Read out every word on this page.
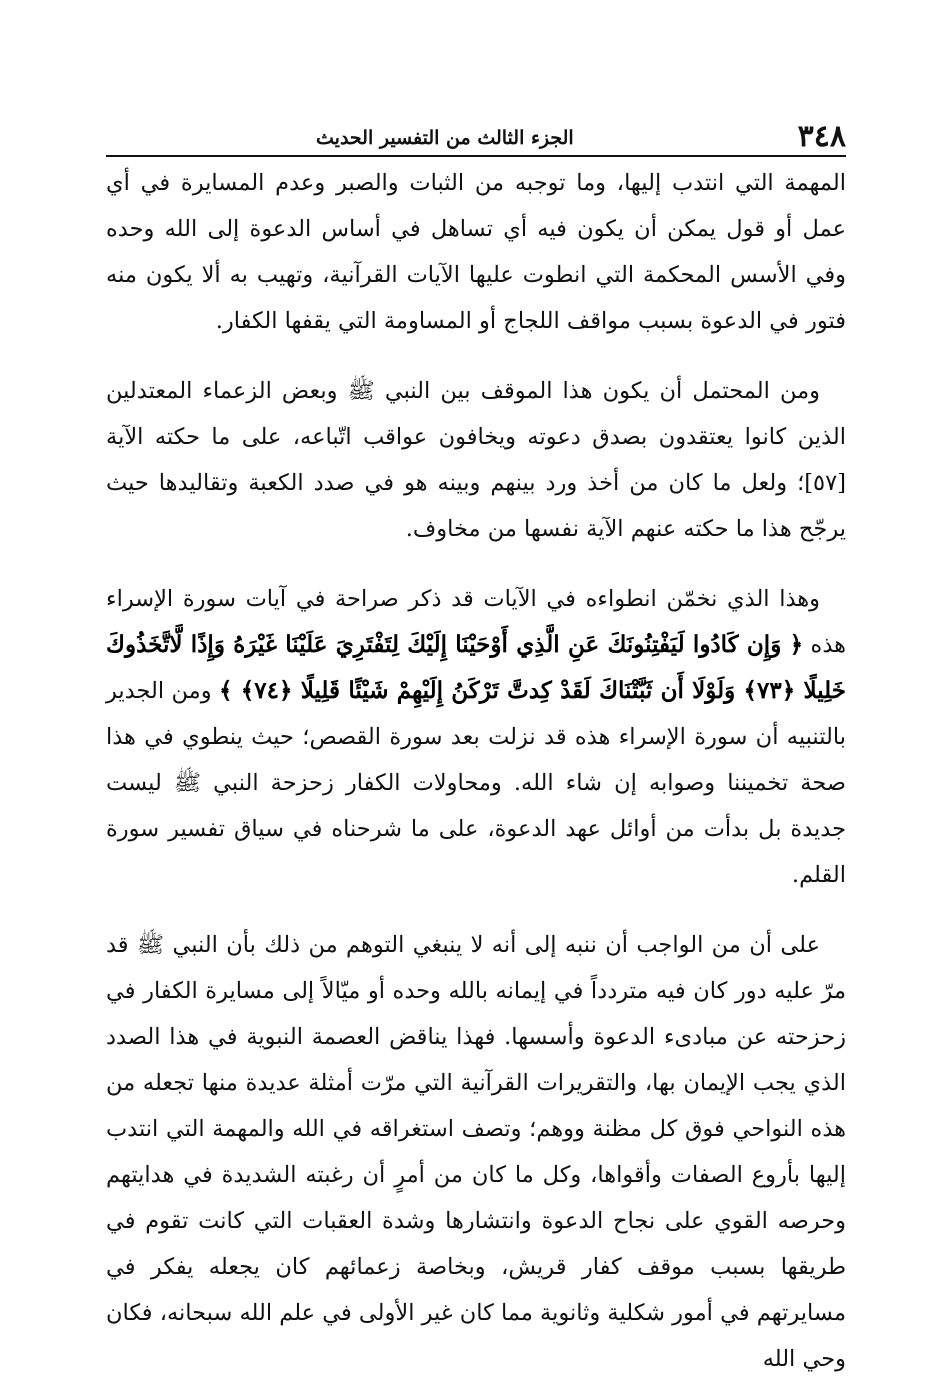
٣٤٨
الجزء الثالث من التفسير الحديث

المهمة التي انتدب إليها، وما توجبه من الثبات والصبر وعدم المسايرة في أي عمل أو قول يمكن أن يكون فيه أي تساهل في أساس الدعوة إلى الله وحده وفي الأسس المحكمة التي انطوت عليها الآيات القرآنية، وتهيب به ألا يكون منه فتور في الدعوة بسبب مواقف اللجاج أو المساومة التي يقفها الكفار.

ومن المحتمل أن يكون هذا الموقف بين النبي ﷺ وبعض الزعماء المعتدلين الذين كانوا يعتقدون بصدق دعوته ويخافون عواقب اتّباعه، على ما حكته الآية [٥٧]؛ ولعل ما كان من أخذ ورد بينهم وبينه هو في صدد الكعبة وتقاليدها حيث يرجّح هذا ما حكته عنهم الآية نفسها من مخاوف.

وهذا الذي نخمّن انطواءه في الآيات قد ذكر صراحة في آيات سورة الإسراء هذه ﴿ وَإِن كَادُوا لَيَفْتِنُونَكَ عَنِ الَّذِي أَوْحَيْنَا إِلَيْكَ لِتَفْتَرِيَ عَلَيْنَا غَيْرَهُ وَإِذًا لَّاتَّخَذُوكَ خَلِيلًا ﴿٧٣﴾ وَلَوْلَا أَن ثَبَّتْنَاكَ لَقَدْ كِدتَّ تَرْكَنُ إِلَيْهِمْ شَيْئًا قَلِيلًا ﴿٧٤﴾ ﴾ ومن الجدير بالتنبيه أن سورة الإسراء هذه قد نزلت بعد سورة القصص؛ حيث ينطوي في هذا صحة تخميننا وصوابه إن شاء الله. ومحاولات الكفار زحزحة النبي ﷺ ليست جديدة بل بدأت من أوائل عهد الدعوة، على ما شرحناه في سياق تفسير سورة القلم.

على أن من الواجب أن ننبه إلى أنه لا ينبغي التوهم من ذلك بأن النبي ﷺ قد مرّ عليه دور كان فيه متردداً في إيمانه بالله وحده أو ميّالاً إلى مسايرة الكفار في زحزحته عن مبادىء الدعوة وأسسها. فهذا يناقض العصمة النبوية في هذا الصدد الذي يجب الإيمان بها، والتقريرات القرآنية التي مرّت أمثلة عديدة منها تجعله من هذه النواحي فوق كل مظنة ووهم؛ وتصف استغراقه في الله والمهمة التي انتدب إليها بأروع الصفات وأقواها، وكل ما كان من أمرٍ أن رغبته الشديدة في هدايتهم وحرصه القوي على نجاح الدعوة وانتشارها وشدة العقبات التي كانت تقوم في طريقها بسبب موقف كفار قريش، وبخاصة زعمائهم كان يجعله يفكر في مسايرتهم في أمور شكلية وثانوية مما كان غير الأولى في علم الله سبحانه، فكان وحي الله
